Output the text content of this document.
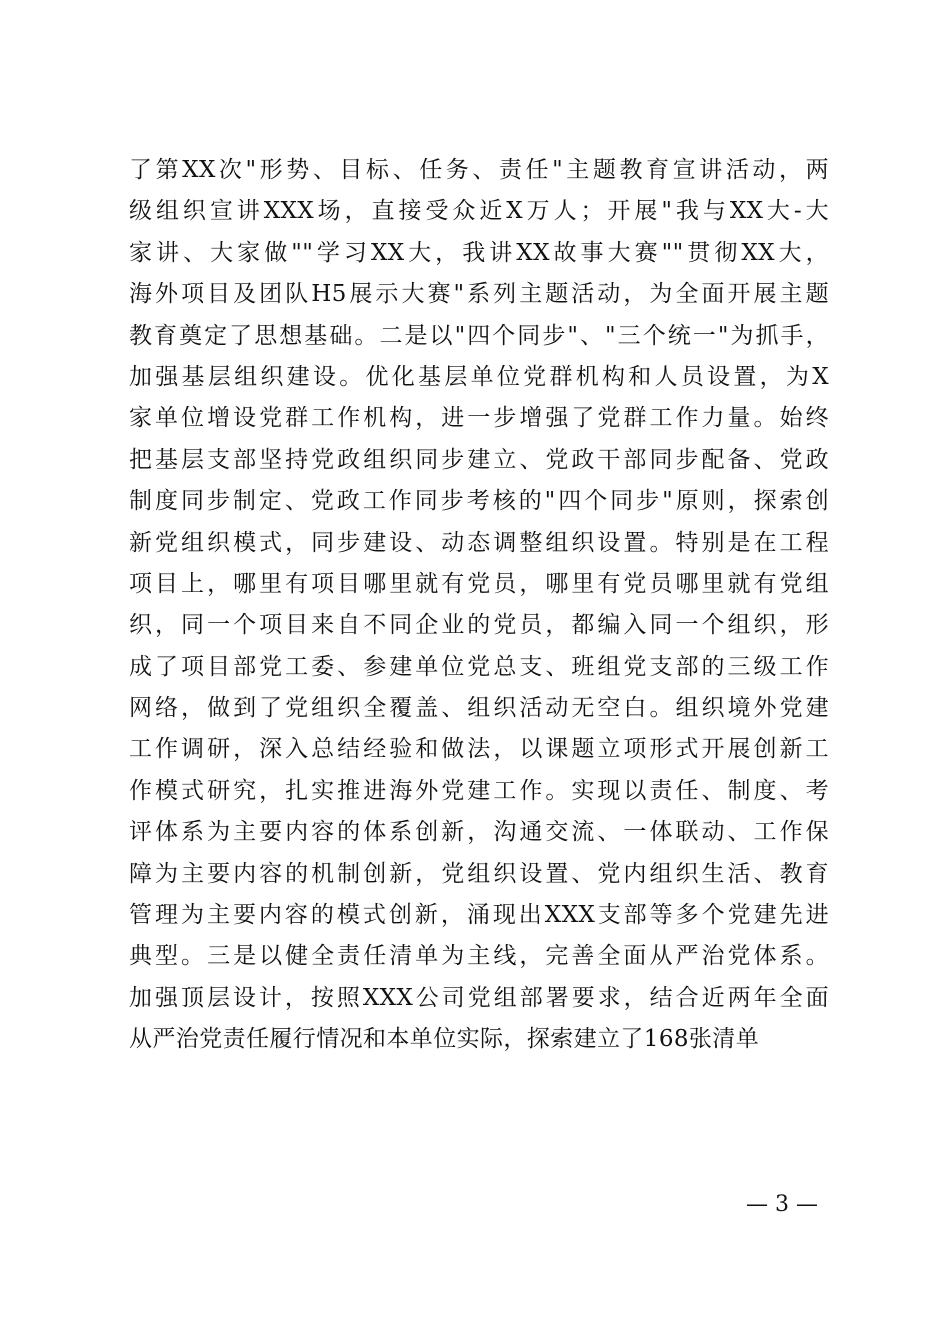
了第XX次"形势、目标、任务、责任"主题教育宣讲活动，两
级组织宣讲XXX场，直接受众近X万人；开展"我与XX大-大
家讲、大家做""学习XX大，我讲XX故事大赛""贯彻XX大，
海外项目及团队H5展示大赛"系列主题活动，为全面开展主题
教育奠定了思想基础。二是以"四个同步"、"三个统一"为抓手，
加强基层组织建设。优化基层单位党群机构和人员设置，为X
家单位增设党群工作机构，进一步增强了党群工作力量。始终
把基层支部坚持党政组织同步建立、党政干部同步配备、党政
制度同步制定、党政工作同步考核的"四个同步"原则，探索创
新党组织模式，同步建设、动态调整组织设置。特别是在工程
项目上，哪里有项目哪里就有党员，哪里有党员哪里就有党组
织，同一个项目来自不同企业的党员，都编入同一个组织，形
成了项目部党工委、参建单位党总支、班组党支部的三级工作
网络，做到了党组织全覆盖、组织活动无空白。组织境外党建
工作调研，深入总结经验和做法，以课题立项形式开展创新工
作模式研究，扎实推进海外党建工作。实现以责任、制度、考
评体系为主要内容的体系创新，沟通交流、一体联动、工作保
障为主要内容的机制创新，党组织设置、党内组织生活、教育
管理为主要内容的模式创新，涌现出XXX支部等多个党建先进
典型。三是以健全责任清单为主线，完善全面从严治党体系。
加强顶层设计，按照XXX公司党组部署要求，结合近两年全面
从严治党责任履行情况和本单位实际，探索建立了168张清单
— 3 —
